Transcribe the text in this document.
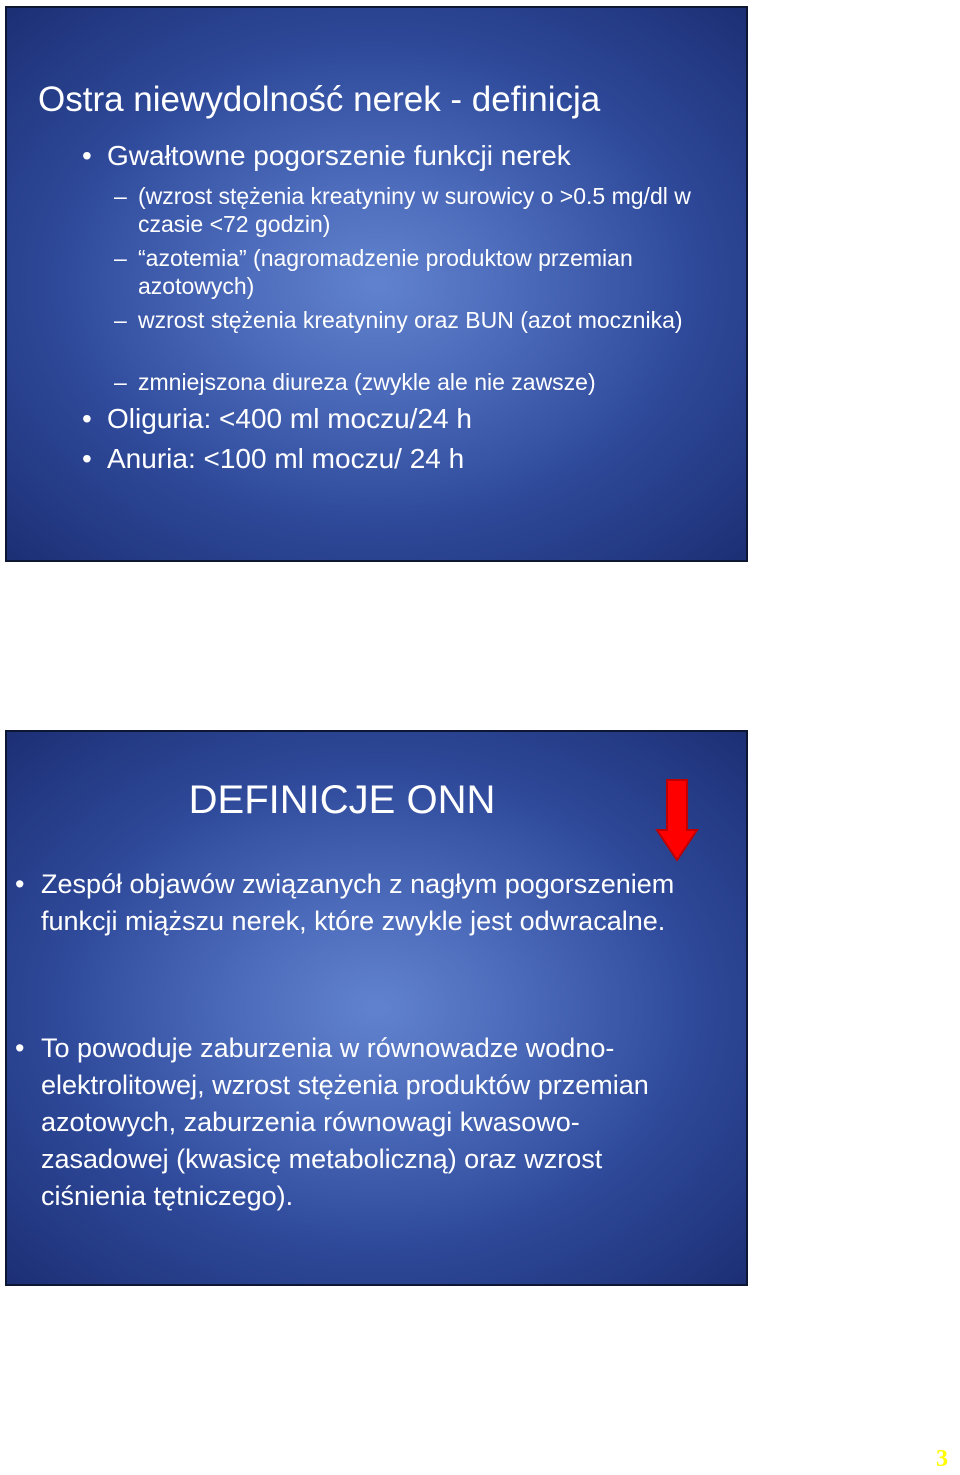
Ostra niewydolność nerek - definicja
• Gwałtowne pogorszenie funkcji nerek
– (wzrost stężenia kreatyniny w surowicy o >0.5 mg/dl w czasie <72 godzin)
– “azotemia” (nagromadzenie produktow przemian azotowych)
– wzrost stężenia kreatyniny oraz BUN (azot mocznika)
– zmniejszona diureza (zwykle ale nie zawsze)
• Oliguria: <400 ml moczu/24 h
• Anuria: <100 ml moczu/ 24 h
DEFINICJE ONN
• Zespół objawów związanych z nagłym pogorszeniem funkcji miąższu nerek, które zwykle jest odwracalne.
• To powoduje zaburzenia w równowadze wodno-elektrolitowej, wzrost stężenia produktów przemian azotowych, zaburzenia równowagi kwasowo-zasadowej (kwasicę metaboliczną) oraz wzrost ciśnienia tętniczego).
3
